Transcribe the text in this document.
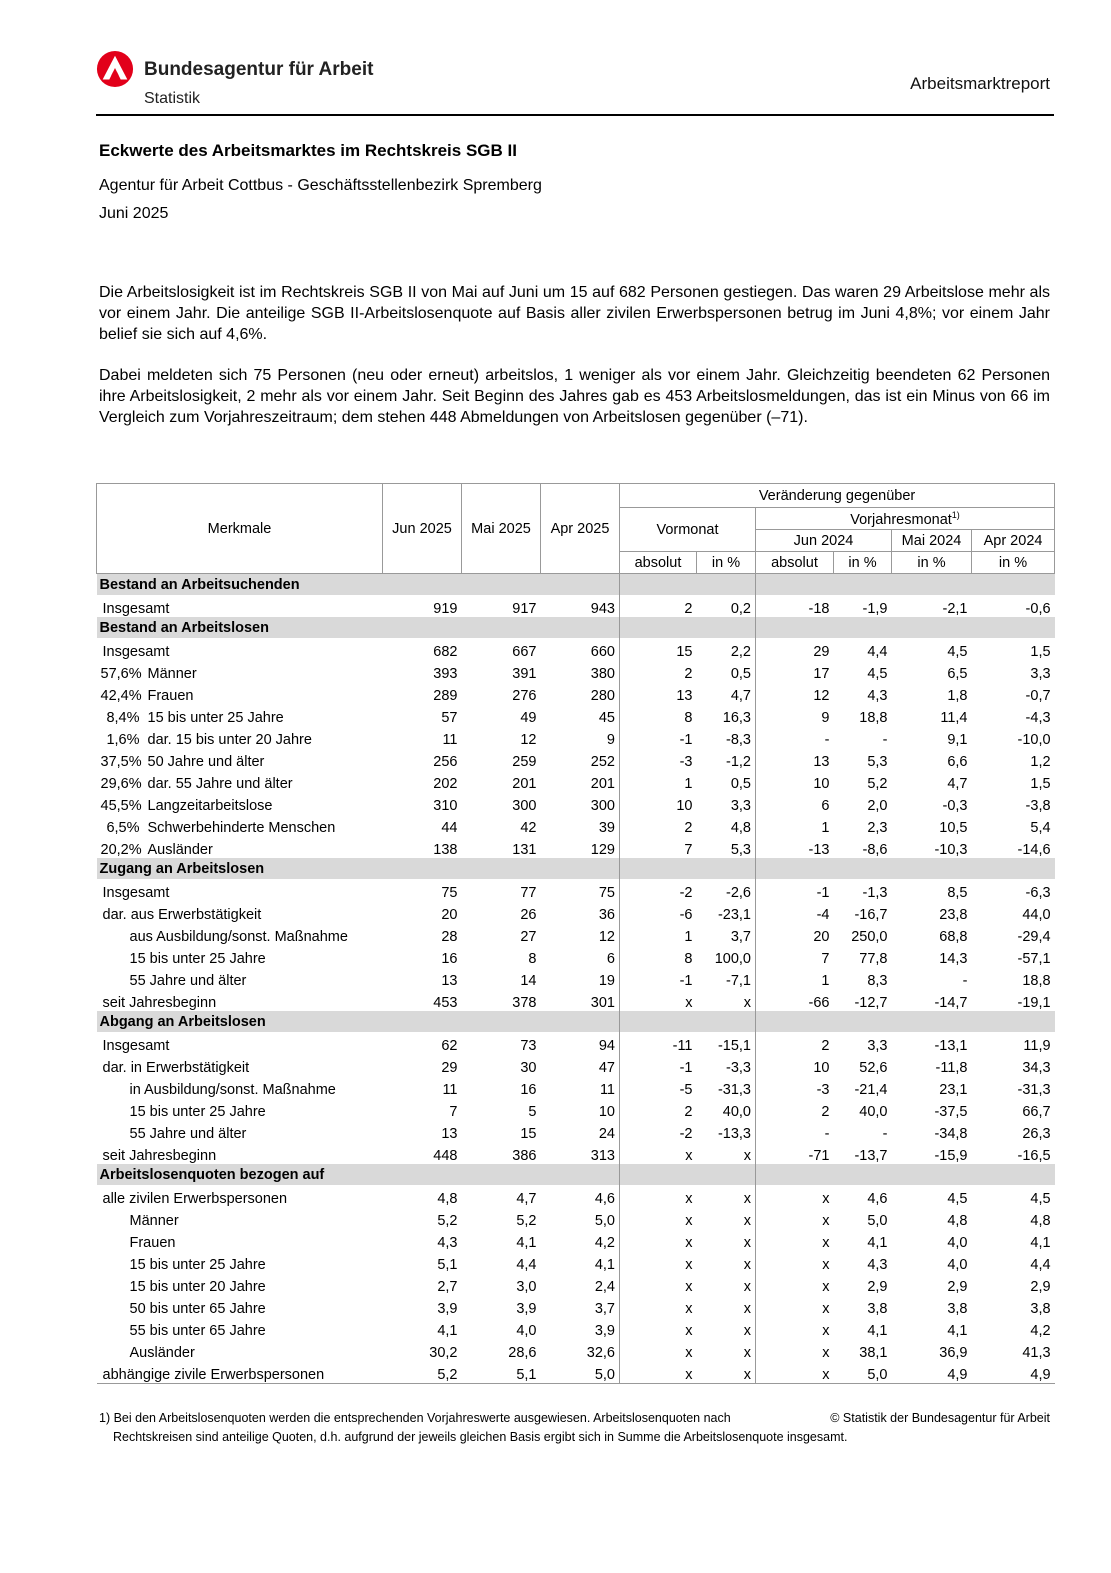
Bundesagentur für Arbeit
Statistik
Arbeitsmarktreport
Eckwerte des Arbeitsmarktes im Rechtskreis SGB II
Agentur für Arbeit Cottbus - Geschäftsstellenbezirk Spremberg
Juni 2025
Die Arbeitslosigkeit ist im Rechtskreis SGB II von Mai auf Juni um 15 auf 682 Personen gestiegen. Das waren 29 Arbeitslose mehr als vor einem Jahr. Die anteilige SGB II-Arbeitslosenquote auf Basis aller zivilen Erwerbspersonen betrug im Juni 4,8%; vor einem Jahr belief sie sich auf 4,6%.
Dabei meldeten sich 75 Personen (neu oder erneut) arbeitslos, 1 weniger als vor einem Jahr. Gleichzeitig beendeten 62 Personen ihre Arbeitslosigkeit, 2 mehr als vor einem Jahr. Seit Beginn des Jahres gab es 453 Arbeitslosmeldungen, das ist ein Minus von 66 im Vergleich zum Vorjahreszeitraum; dem stehen 448 Abmeldungen von Arbeitslosen gegenüber (–71).
Merkmale		Jun 2025	Mai 2025	Apr 2025	Veränderung gegenüber					
					Vormonat		Vorjahresmonat$^{1)}$
							Jun 2024		Mai 2024	Apr 2024
					absolut	in %	absolut	in %	in %	in %
Bestand an Arbeitsuchenden										
Insgesamt		919	917	943	2	0,2	-18	-1,9	-2,1	-0,6
Bestand an Arbeitslosen										
Insgesamt		682	667	660	15	2,2	29	4,4	4,5	1,5
57,6%	Männer	393	391	380	2	0,5	17	4,5	6,5	3,3
42,4%	Frauen	289	276	280	13	4,7	12	4,3	1,8	-0,7
8,4%	15 bis unter 25 Jahre	57	49	45	8	16,3	9	18,8	11,4	-4,3
1,6%	dar. 15 bis unter 20 Jahre	11	12	9	-1	-8,3	-	-	9,1	-10,0
37,5%	50 Jahre und älter	256	259	252	-3	-1,2	13	5,3	6,6	1,2
29,6%	dar. 55 Jahre und älter	202	201	201	1	0,5	10	5,2	4,7	1,5
45,5%	Langzeitarbeitslose	310	300	300	10	3,3	6	2,0	-0,3	-3,8
6,5%	Schwerbehinderte Menschen	44	42	39	2	4,8	1	2,3	10,5	5,4
20,2%	Ausländer	138	131	129	7	5,3	-13	-8,6	-10,3	-14,6
Zugang an Arbeitslosen										
Insgesamt		75	77	75	-2	-2,6	-1	-1,3	8,5	-6,3
dar. aus Erwerbstätigkeit		20	26	36	-6	-23,1	-4	-16,7	23,8	44,0
aus Ausbildung/sonst. Maßnahme		28	27	12	1	3,7	20	250,0	68,8	-29,4
15 bis unter 25 Jahre		16	8	6	8	100,0	7	77,8	14,3	-57,1
55 Jahre und älter		13	14	19	-1	-7,1	1	8,3	-	18,8
seit Jahresbeginn		453	378	301	x	x	-66	-12,7	-14,7	-19,1
Abgang an Arbeitslosen										
Insgesamt		62	73	94	-11	-15,1	2	3,3	-13,1	11,9
dar. in Erwerbstätigkeit		29	30	47	-1	-3,3	10	52,6	-11,8	34,3
in Ausbildung/sonst. Maßnahme		11	16	11	-5	-31,3	-3	-21,4	23,1	-31,3
15 bis unter 25 Jahre		7	5	10	2	40,0	2	40,0	-37,5	66,7
55 Jahre und älter		13	15	24	-2	-13,3	-	-	-34,8	26,3
seit Jahresbeginn		448	386	313	x	x	-71	-13,7	-15,9	-16,5
Arbeitslosenquoten bezogen auf										
alle zivilen Erwerbspersonen		4,8	4,7	4,6	x	x	x	4,6	4,5	4,5
Männer		5,2	5,2	5,0	x	x	x	5,0	4,8	4,8
Frauen		4,3	4,1	4,2	x	x	x	4,1	4,0	4,1
15 bis unter 25 Jahre		5,1	4,4	4,1	x	x	x	4,3	4,0	4,4
15 bis unter 20 Jahre		2,7	3,0	2,4	x	x	x	2,9	2,9	2,9
50 bis unter 65 Jahre		3,9	3,9	3,7	x	x	x	3,8	3,8	3,8
55 bis unter 65 Jahre		4,1	4,0	3,9	x	x	x	4,1	4,1	4,2
Ausländer		30,2	28,6	32,6	x	x	x	38,1	36,9	41,3
abhängige zivile Erwerbspersonen		5,2	5,1	5,0	x	x	x	5,0	4,9	4,9
1) Bei den Arbeitslosenquoten werden die entsprechenden Vorjahreswerte ausgewiesen. Arbeitslosenquoten nach
Rechtskreisen sind anteilige Quoten, d.h. aufgrund der jeweils gleichen Basis ergibt sich in Summe die Arbeitslosenquote insgesamt.
© Statistik der Bundesagentur für Arbeit
